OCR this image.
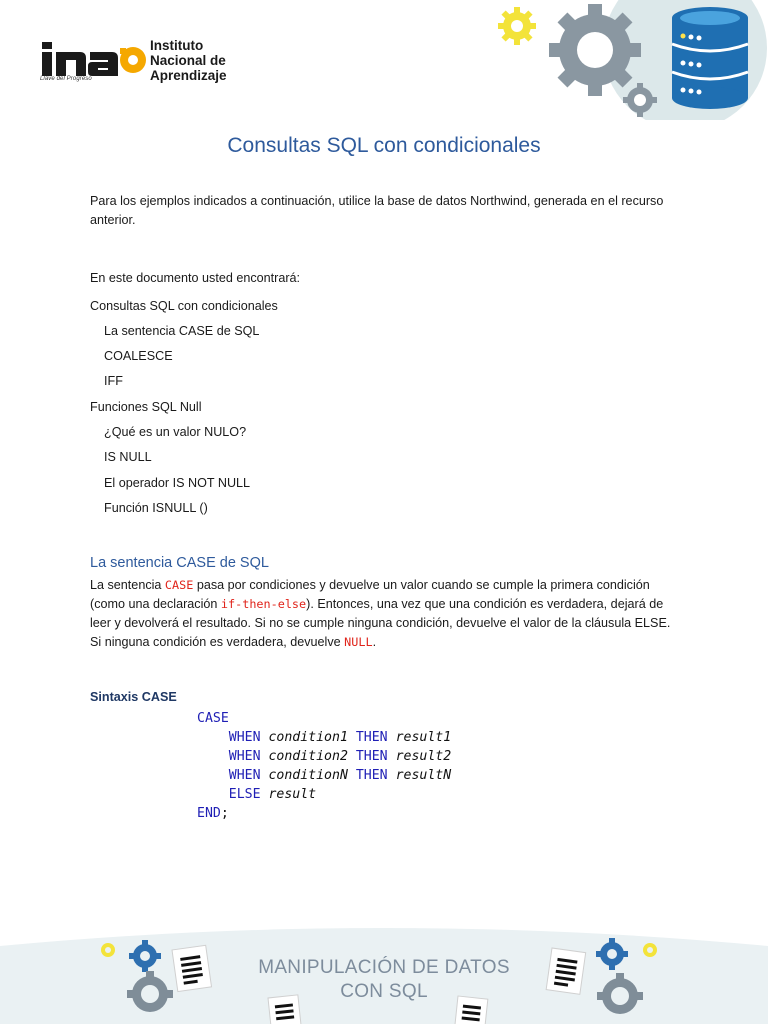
Llave del Progreso
Instituto
Nacional de
Aprendizaje
Consultas SQL con condicionales
Para los ejemplos indicados a continuación, utilice la base de datos Northwind, generada en el recurso anterior.
En este documento usted encontrará:
Consultas SQL con condicionales
La sentencia CASE de SQL
COALESCE
IFF
Funciones SQL Null
¿Qué es un valor NULO?
IS NULL
El operador IS NOT NULL
Función ISNULL ()
La sentencia CASE de SQL
La sentencia CASE pasa por condiciones y devuelve un valor cuando se cumple la primera condición (como una declaración if-then-else). Entonces, una vez que una condición es verdadera, dejará de leer y devolverá el resultado. Si no se cumple ninguna condición, devuelve el valor de la cláusula ELSE. Si ninguna condición es verdadera, devuelve NULL.
Sintaxis CASE
CASE
WHEN condition1 THEN result1
WHEN condition2 THEN result2
WHEN conditionN THEN resultN
ELSE result
END;
MANIPULACIÓN DE DATOS
CON SQL
